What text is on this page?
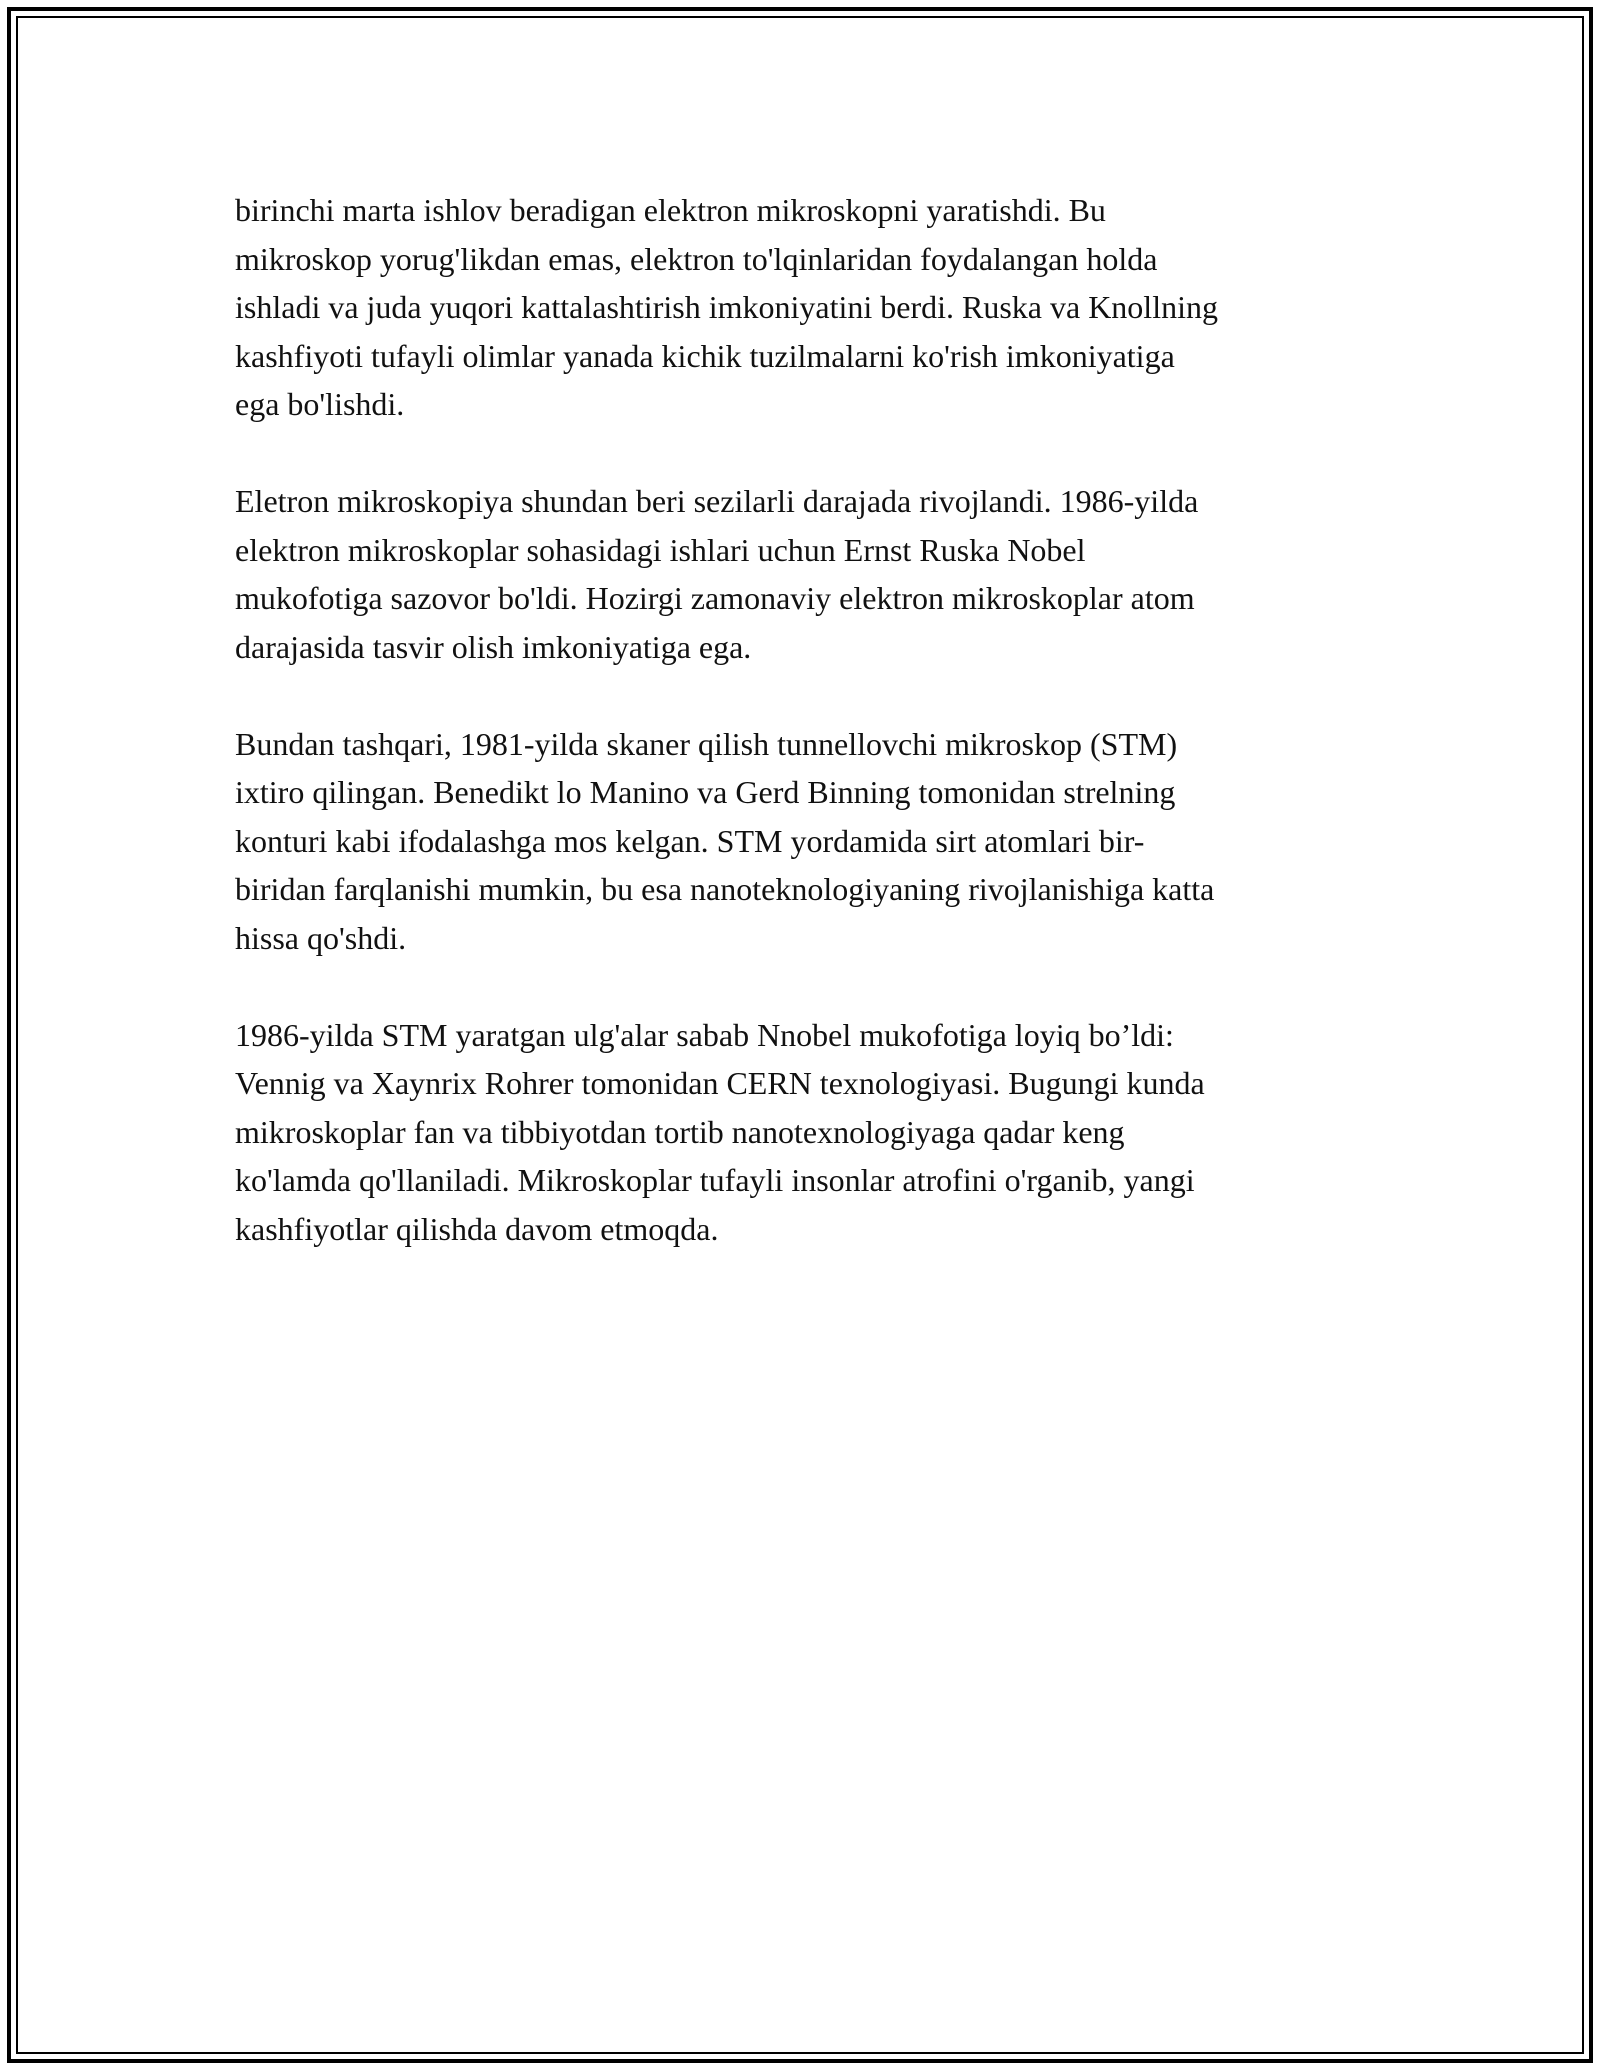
birinchi marta ishlov beradigan elektron mikroskopni yaratishdi. Bu
mikroskop yorug'likdan emas, elektron to'lqinlaridan foydalangan holda
ishladi va juda yuqori kattalashtirish imkoniyatini berdi. Ruska va Knollning
kashfiyoti tufayli olimlar yanada kichik tuzilmalarni ko'rish imkoniyatiga
ega bo'lishdi.

Eletron mikroskopiya shundan beri sezilarli darajada rivojlandi. 1986-yilda
elektron mikroskoplar sohasidagi ishlari uchun Ernst Ruska Nobel
mukofotiga sazovor bo'ldi. Hozirgi zamonaviy elektron mikroskoplar atom
darajasida tasvir olish imkoniyatiga ega.

Bundan tashqari, 1981-yilda skaner qilish tunnellovchi mikroskop (STM)
ixtiro qilingan. Benedikt lo Manino va Gerd Binning tomonidan strelning
konturi kabi ifodalashga mos kelgan. STM yordamida sirt atomlari bir-
biridan farqlanishi mumkin, bu esa nanoteknologiyaning rivojlanishiga katta
hissa qo'shdi.

1986-yilda STM yaratgan ulg'alar sabab Nnobel mukofotiga loyiq bo’ldi:
Vennig va Xaynrix Rohrer tomonidan CERN texnologiyasi. Bugungi kunda
mikroskoplar fan va tibbiyotdan tortib nanotexnologiyaga qadar keng
ko'lamda qo'llaniladi. Mikroskoplar tufayli insonlar atrofini o'rganib, yangi
kashfiyotlar qilishda davom etmoqda.
